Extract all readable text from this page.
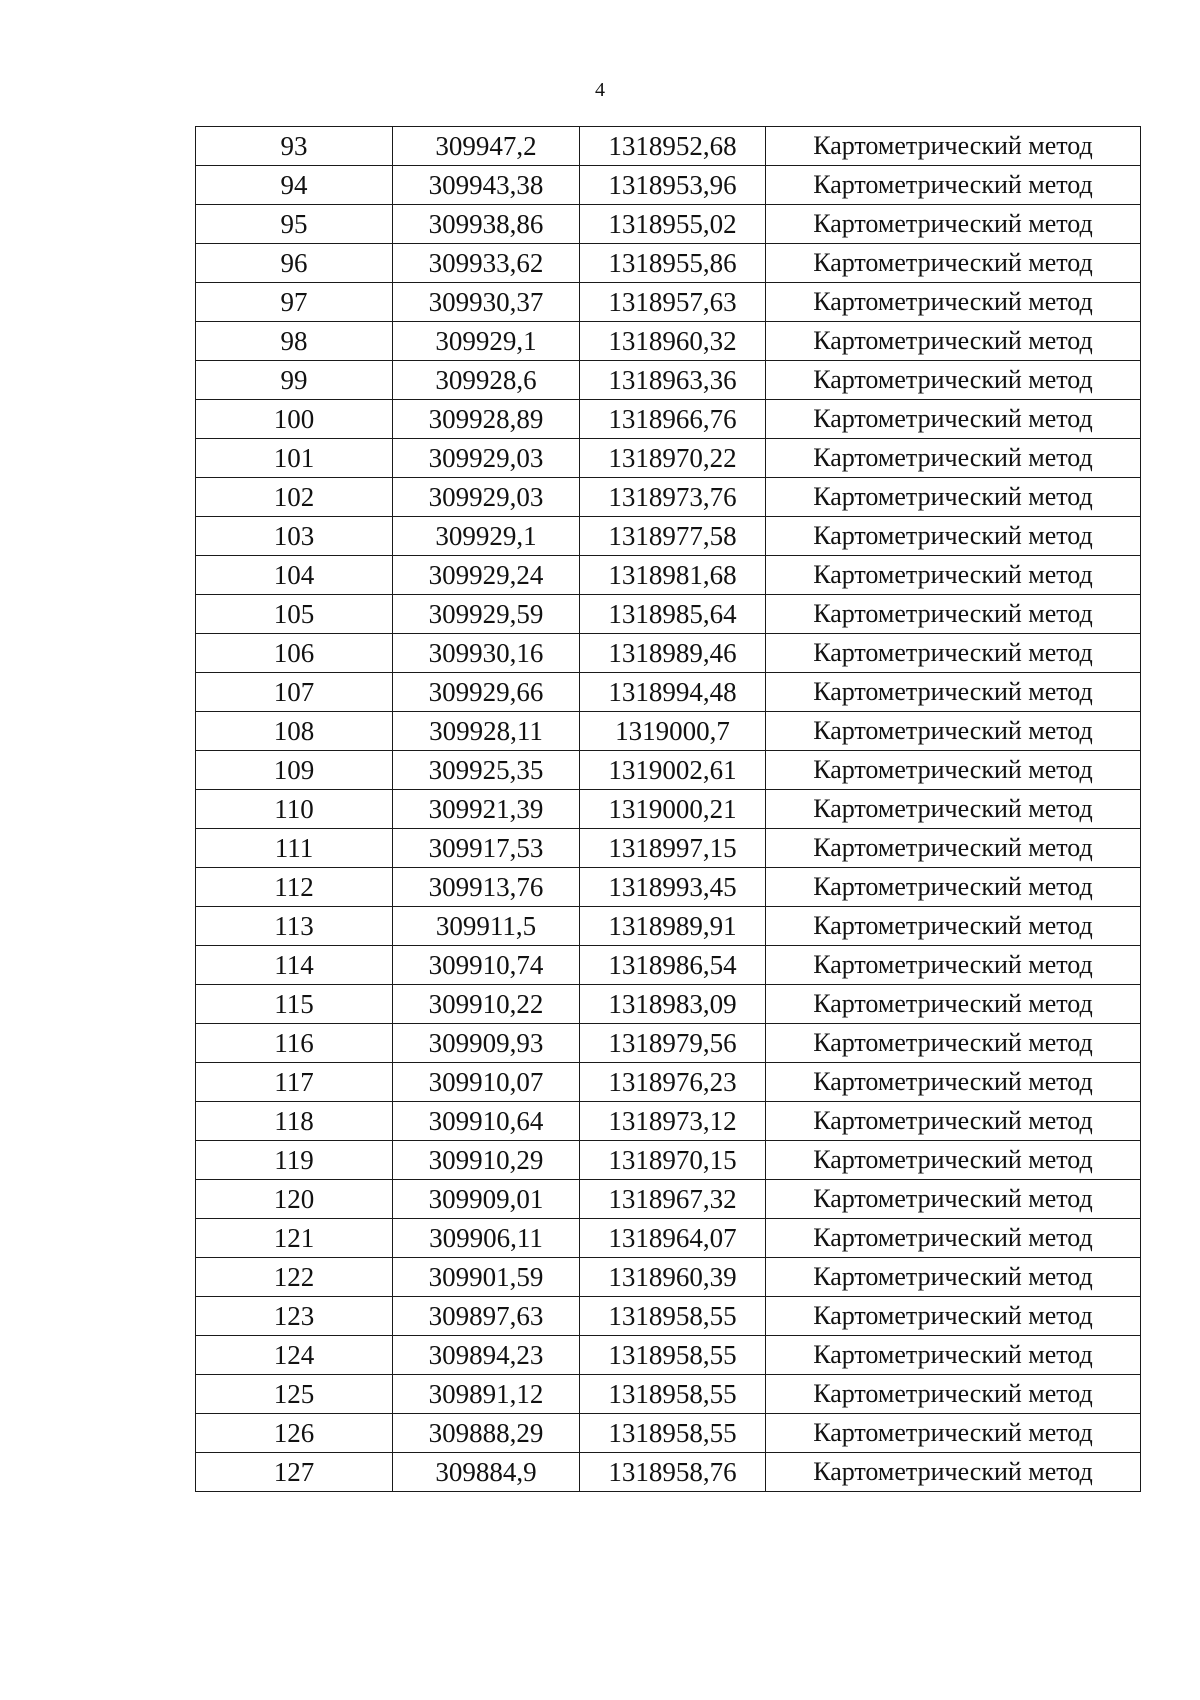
4
93	309947,2	1318952,68	Картометрический метод
94	309943,38	1318953,96	Картометрический метод
95	309938,86	1318955,02	Картометрический метод
96	309933,62	1318955,86	Картометрический метод
97	309930,37	1318957,63	Картометрический метод
98	309929,1	1318960,32	Картометрический метод
99	309928,6	1318963,36	Картометрический метод
100	309928,89	1318966,76	Картометрический метод
101	309929,03	1318970,22	Картометрический метод
102	309929,03	1318973,76	Картометрический метод
103	309929,1	1318977,58	Картометрический метод
104	309929,24	1318981,68	Картометрический метод
105	309929,59	1318985,64	Картометрический метод
106	309930,16	1318989,46	Картометрический метод
107	309929,66	1318994,48	Картометрический метод
108	309928,11	1319000,7	Картометрический метод
109	309925,35	1319002,61	Картометрический метод
110	309921,39	1319000,21	Картометрический метод
111	309917,53	1318997,15	Картометрический метод
112	309913,76	1318993,45	Картометрический метод
113	309911,5	1318989,91	Картометрический метод
114	309910,74	1318986,54	Картометрический метод
115	309910,22	1318983,09	Картометрический метод
116	309909,93	1318979,56	Картометрический метод
117	309910,07	1318976,23	Картометрический метод
118	309910,64	1318973,12	Картометрический метод
119	309910,29	1318970,15	Картометрический метод
120	309909,01	1318967,32	Картометрический метод
121	309906,11	1318964,07	Картометрический метод
122	309901,59	1318960,39	Картометрический метод
123	309897,63	1318958,55	Картометрический метод
124	309894,23	1318958,55	Картометрический метод
125	309891,12	1318958,55	Картометрический метод
126	309888,29	1318958,55	Картометрический метод
127	309884,9	1318958,76	Картометрический метод
